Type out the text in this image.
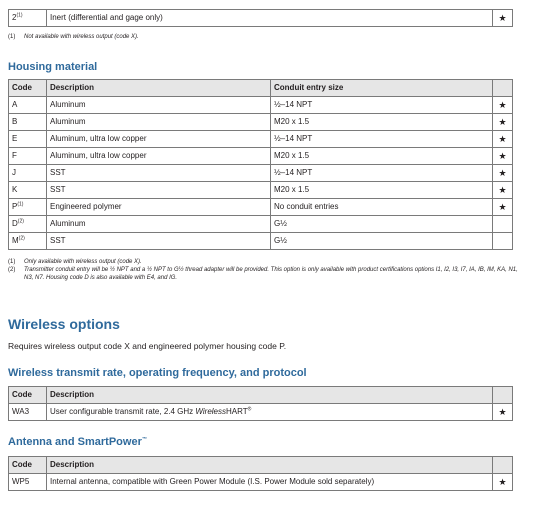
2$^{(1)}$	Inert (differential and gage only)	★
(1) Not available with wireless output (code X).
Housing material
Code	Description	Conduit entry size	
A	Aluminum	½–14 NPT	★
B	Aluminum	M20 x 1.5	★
E	Aluminum, ultra low copper	½–14 NPT	★
F	Aluminum, ultra low copper	M20 x 1.5	★
J	SST	½–14 NPT	★
K	SST	M20 x 1.5	★
$P^{(1)}$	Engineered polymer	No conduit entries	★
$D^{(2)}$	Aluminum	G½	
$M^{(2)}$	SST	G½	
(1) Only available with wireless output (code X).
(2) Transmitter conduit entry will be ½ NPT and a ½ NPT to G½ thread adapter will be provided. This option is only available with product certifications options I1, I2, I3, I7, IA, IB, IM, KA, N1, N3, N7. Housing code D is also available with E4, and IG.
Wireless options
Requires wireless output code X and engineered polymer housing code P.
Wireless transmit rate, operating frequency, and protocol
Code	Description	
WA3	User configurable transmit rate, 2.4 GHz WirelessHART®	★
Antenna and SmartPower™
Code	Description	
WP5	Internal antenna, compatible with Green Power Module (I.S. Power Module sold separately)	★
